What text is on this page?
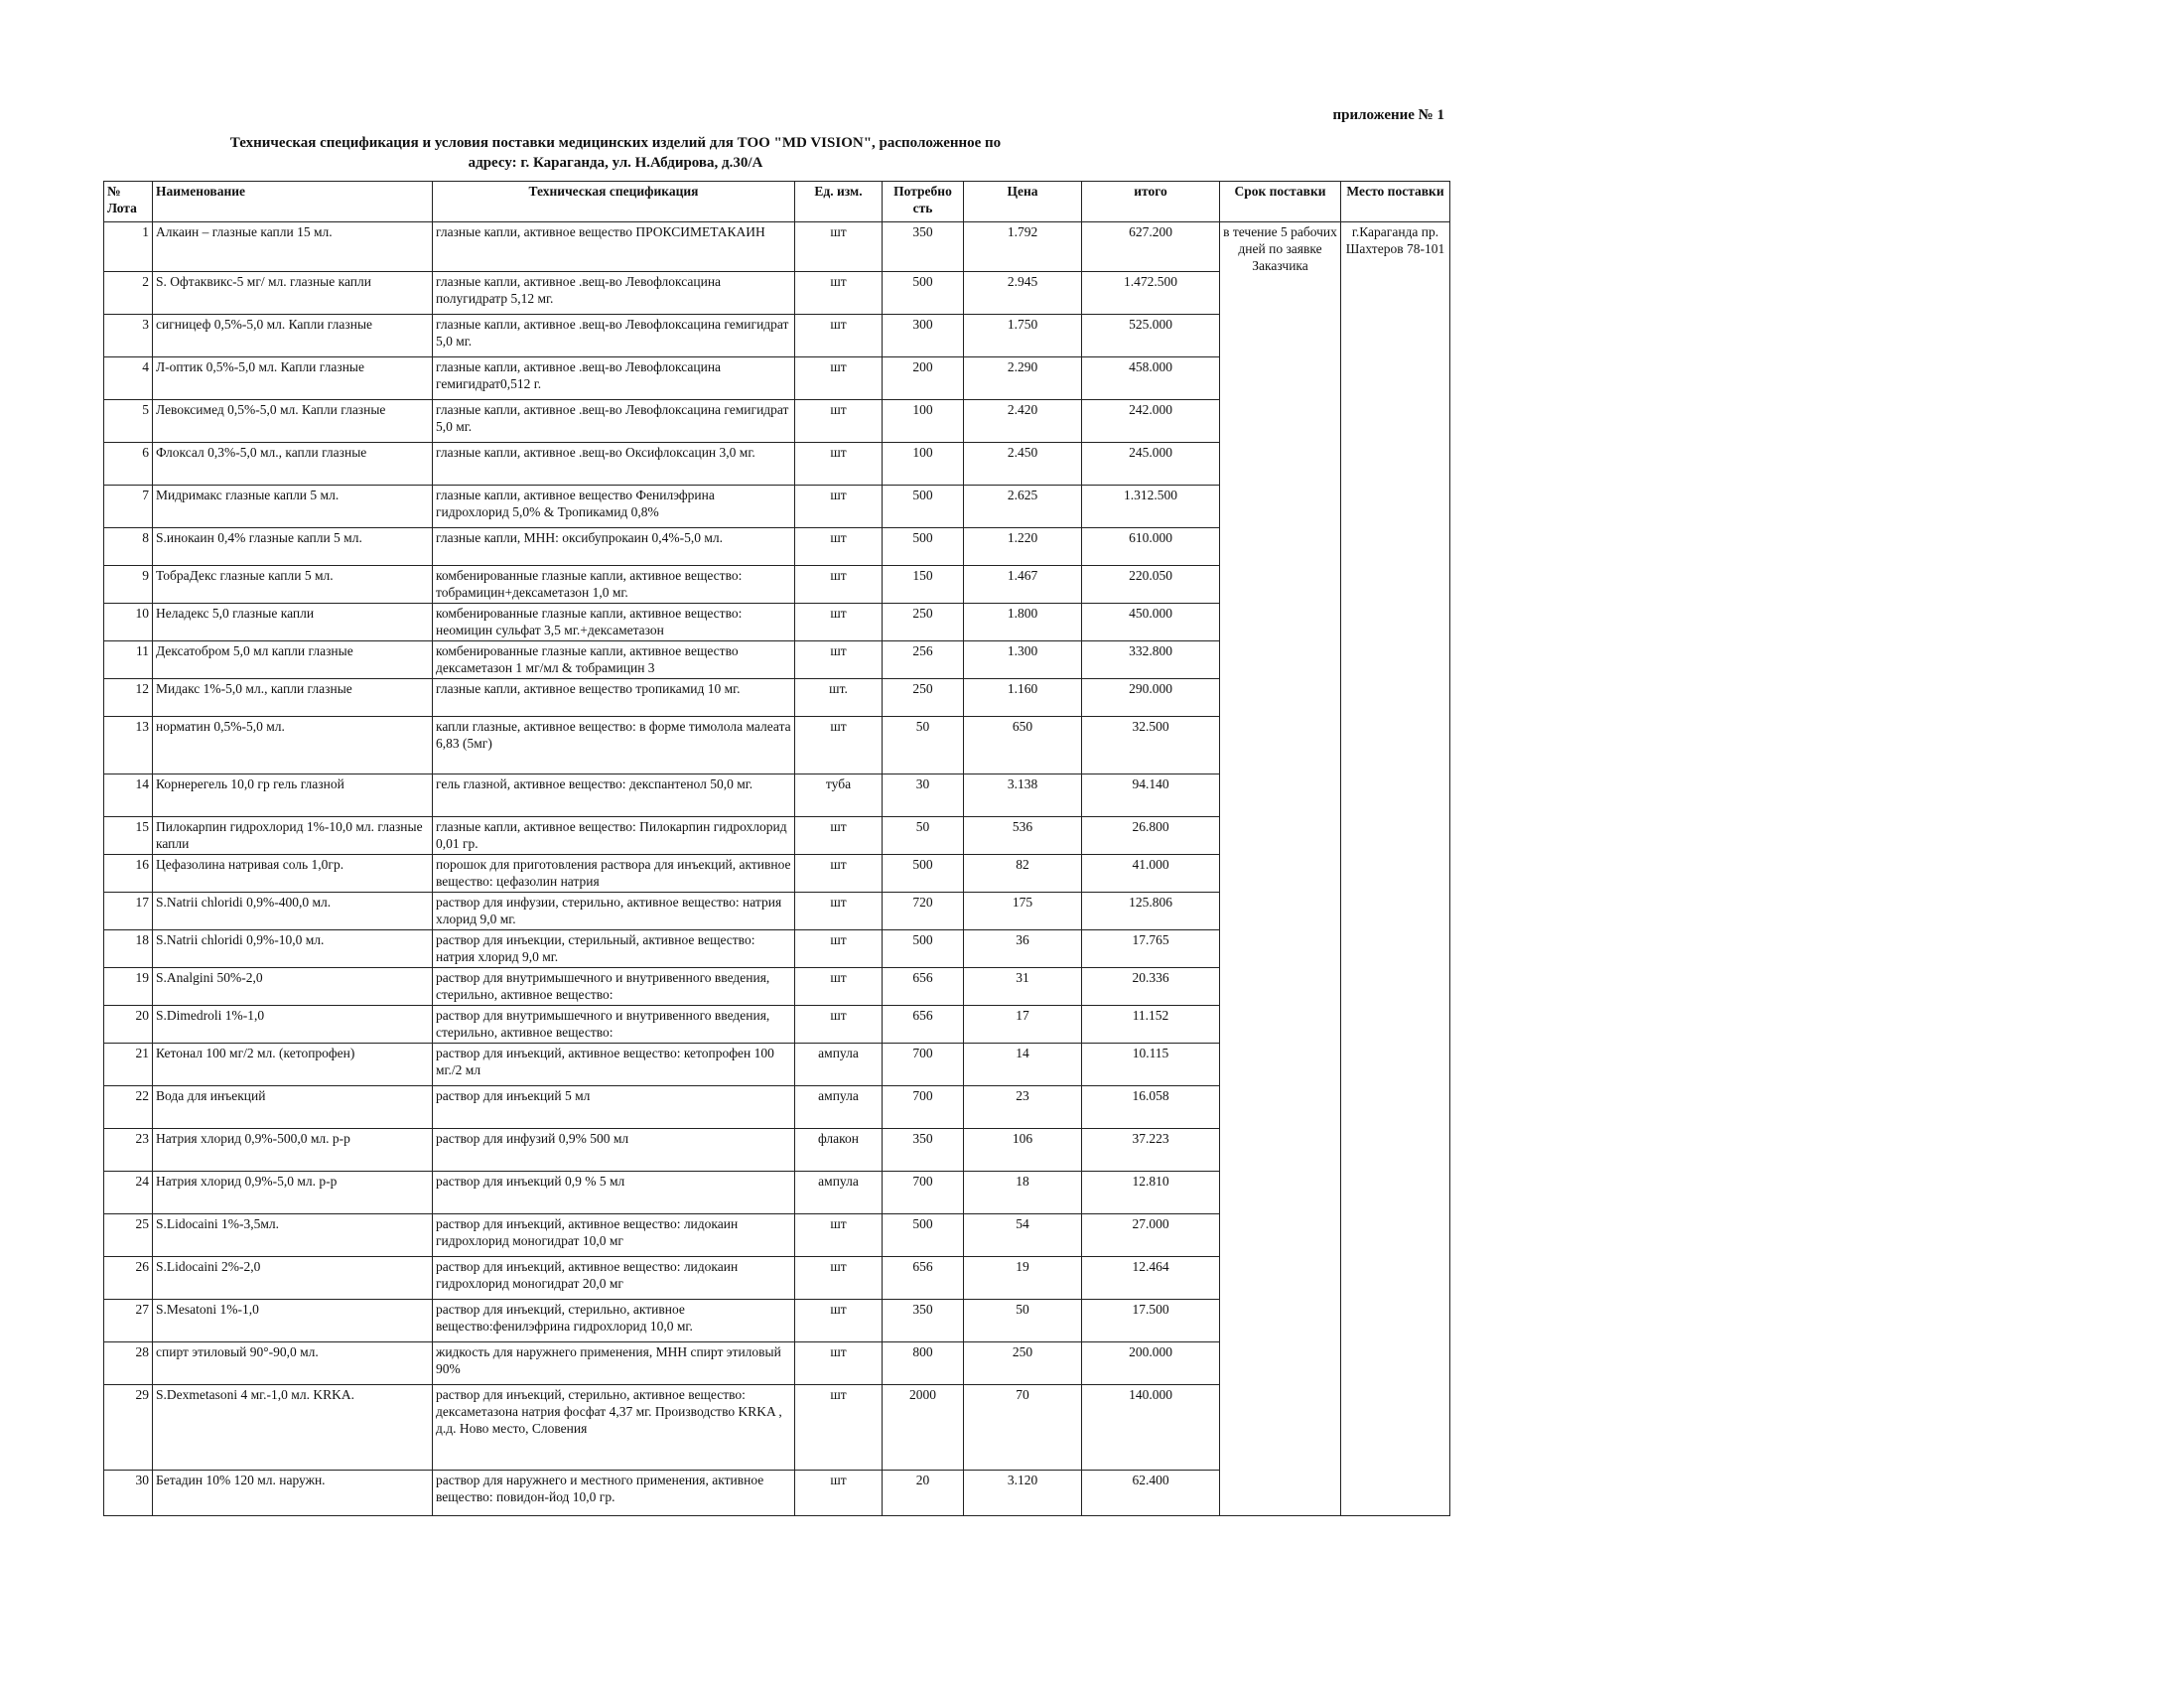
приложение № 1
Техническая спецификация и условия поставки медицинских изделий для ТОО "MD VISION", расположенное по
адресу: г. Караганда, ул. Н.Абдирова, д.30/А
№ Лота	Наименование	Техническая спецификация	Ед. изм.	Потребно сть	Цена	итого	Срок поставки	Место поставки

1	Алкаин – глазные капли 15 мл.	глазные капли, активное вещество ПРОКСИМЕТАКАИН	шт	350	1.792	627.200	в течение 5 рабочих дней по заявке Заказчика	г.Караганда пр. Шахтеров 78-101

2	S. Офтаквикс-5 мг/ мл. глазные капли	глазные капли, активное .вещ-во Левофлоксацина полугидратр 5,12 мг.	шт	500	2.945	1.472.500		

3	сигницеф 0,5%-5,0 мл. Капли глазные	глазные капли, активное .вещ-во Левофлоксацина гемигидрат 5,0 мг.	шт	300	1.750	525.000		

4	Л-оптик 0,5%-5,0 мл. Капли глазные	глазные капли, активное .вещ-во Левофлоксацина гемигидрат0,512 г.	шт	200	2.290	458.000		

5	Левоксимед 0,5%-5,0 мл. Капли глазные	глазные капли, активное .вещ-во Левофлоксацина гемигидрат 5,0 мг.	шт	100	2.420	242.000		

6	Флоксал 0,3%-5,0 мл., капли глазные	глазные капли, активное .вещ-во Оксифлоксацин 3,0 мг.	шт	100	2.450	245.000		

7	Мидримакс глазные капли 5 мл.	глазные капли, активное вещество Фенилэфрина гидрохлорид 5,0% & Тропикамид 0,8%	шт	500	2.625	1.312.500		

8	S.инокаин 0,4% глазные капли 5 мл.	глазные капли, МНН: оксибупрокаин 0,4%-5,0 мл.	шт	500	1.220	610.000		

9	ТобраДекс глазные капли 5 мл.	комбенированные глазные капли, активное вещество: тобрамицин+дексаметазон 1,0 мг.	шт	150	1.467	220.050		

10	Неладекс 5,0 глазные капли	комбенированные глазные капли, активное вещество: неомицин сульфат 3,5 мг.+дексаметазон	шт	250	1.800	450.000		

11	Дексатобром 5,0 мл капли глазные	комбенированные глазные капли, активное вещество дексаметазон 1 мг/мл & тобрамицин 3	шт	256	1.300	332.800		

12	Мидакс 1%-5,0 мл., капли глазные	глазные капли, активное вещество тропикамид 10 мг.	шт.	250	1.160	290.000		

13	норматин 0,5%-5,0 мл.	капли глазные, активное вещество: в форме тимолола малеата 6,83 (5мг)	шт	50	650	32.500		

14	Корнерегель 10,0 гр гель глазной	гель глазной, активное вещество: декспантенол 50,0 мг.	туба	30	3.138	94.140		

15	Пилокарпин гидрохлорид 1%-10,0 мл. глазные капли	глазные капли, активное вещество: Пилокарпин гидрохлорид 0,01 гр.	шт	50	536	26.800		

16	Цефазолина натривая соль 1,0гр.	порошок для приготовления раствора для инъекций, активное вещество: цефазолин натрия	шт	500	82	41.000		

17	S.Natrii chloridi 0,9%-400,0 мл.	раствор для инфузии, стерильно, активное вещество: натрия хлорид 9,0 мг.	шт	720	175	125.806		

18	S.Natrii chloridi 0,9%-10,0 мл.	раствор для инъекции, стерильный, активное вещество: натрия хлорид 9,0 мг.	шт	500	36	17.765		

19	S.Analgini 50%-2,0	раствор для внутримышечного и внутривенного введения, стерильно, активное вещество:	шт	656	31	20.336		

20	S.Dimedroli 1%-1,0	раствор для внутримышечного и внутривенного введения, стерильно, активное вещество:	шт	656	17	11.152		

21	Кетонал 100 мг/2 мл. (кетопрофен)	раствор для инъекций, активное вещество: кетопрофен 100 мг./2 мл	ампула	700	14	10.115		

22	Вода для инъекций	раствор для инъекций 5 мл	ампула	700	23	16.058		

23	Натрия хлорид 0,9%-500,0 мл. р-р	раствор для инфузий 0,9% 500 мл	флакон	350	106	37.223		

24	Натрия хлорид 0,9%-5,0 мл. р-р	раствор для инъекций 0,9 % 5 мл	ампула	700	18	12.810		

25	S.Lidocaini 1%-3,5мл.	раствор для инъекций, активное вещество: лидокаин гидрохлорид моногидрат 10,0 мг	шт	500	54	27.000		

26	S.Lidocaini 2%-2,0	раствор для инъекций, активное вещество: лидокаин гидрохлорид моногидрат 20,0 мг	шт	656	19	12.464		

27	S.Mesatoni 1%-1,0	раствор для инъекций, стерильно, активное вещество:фенилэфрина гидрохлорид 10,0 мг.	шт	350	50	17.500		

28	спирт этиловый 90°-90,0 мл.	жидкость для наружнего применения, МНН спирт этиловый 90%	шт	800	250	200.000		

29	S.Dexmetasoni 4 мг.-1,0 мл. KRKA.	раствор для инъекций, стерильно, активное вещество: дексаметазона натрия фосфат 4,37 мг. Производство KRKA , д.д. Ново место, Словения	шт	2000	70	140.000		

30	Бетадин 10% 120 мл. наружн.	раствор для наружнего и местного применения, активное вещество: повидон-йод 10,0 гр.	шт	20	3.120	62.400		
